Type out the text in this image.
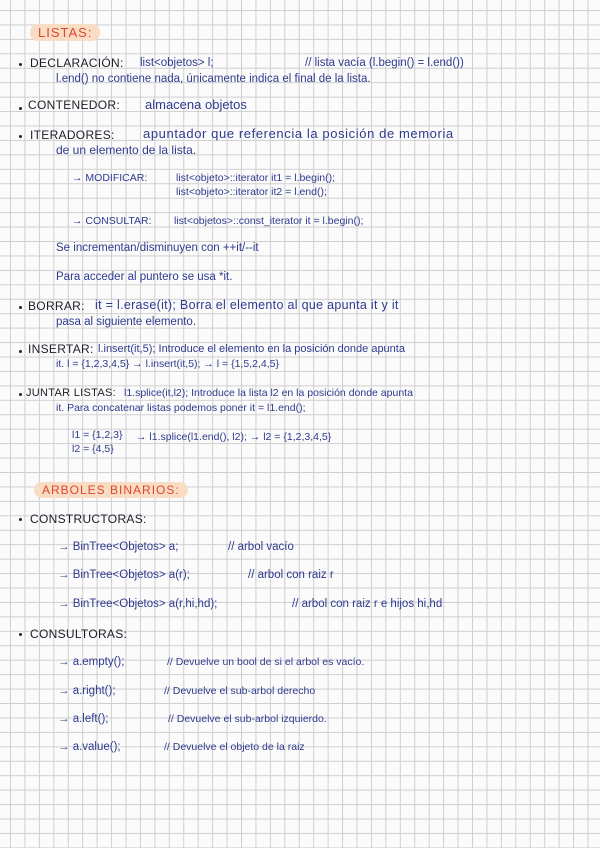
LISTAS:
DECLARACIÓN: list<objetos> l;	// lista vacía (l.begin() = l.end())
l.end() no contiene nada, únicamente indica el final de la lista.
CONTENEDOR: almacena objetos
ITERADORES: apuntador que referencia la posición de memoria
de un elemento de la lista.
→ MODIFICAR:	list<objeto>::iterator it1 = l.begin();
list<objeto>::iterator it2 = l.end();
→ CONSULTAR: list<objetos>::const_iterator it = l.begin();
Se incrementan/disminuyen con ++it/--it
Para acceder al puntero se usa *it.
BORRAR: it = l.erase(it); Borra el elemento al que apunta it y it
pasa al siguiente elemento.
INSERTAR: l.insert(it,5); Introduce el elemento en la posición donde apunta
it. l = {1,2,3,4,5} → l.insert(it,5); → l = {1,5,2,4,5}
JUNTAR LISTAS: l1.splice(it,l2); Introduce la lista l2 en la posición donde apunta
it. Para concatenar listas podemos poner it = l1.end();
l1 = {1,2,3}
l2 = {4,5}
→ l1.splice(l1.end(), l2); → l2 = {1,2,3,4,5}
ARBOLES BINARIOS:
CONSTRUCTORAS:
→ BinTree<Objetos> a;	// arbol vacío
→ BinTree<Objetos> a(r);	// arbol con raiz r
→ BinTree<Objetos> a(r,hi,hd);	// arbol con raiz r e hijos hi,hd
CONSULTORAS:
→ a.empty();	// Devuelve un bool de si el arbol es vacío.
→ a.right();	// Devuelve el sub-arbol derecho
→ a.left();	// Devuelve el sub-arbol izquierdo.
→ a.value();	// Devuelve el objeto de la raiz
